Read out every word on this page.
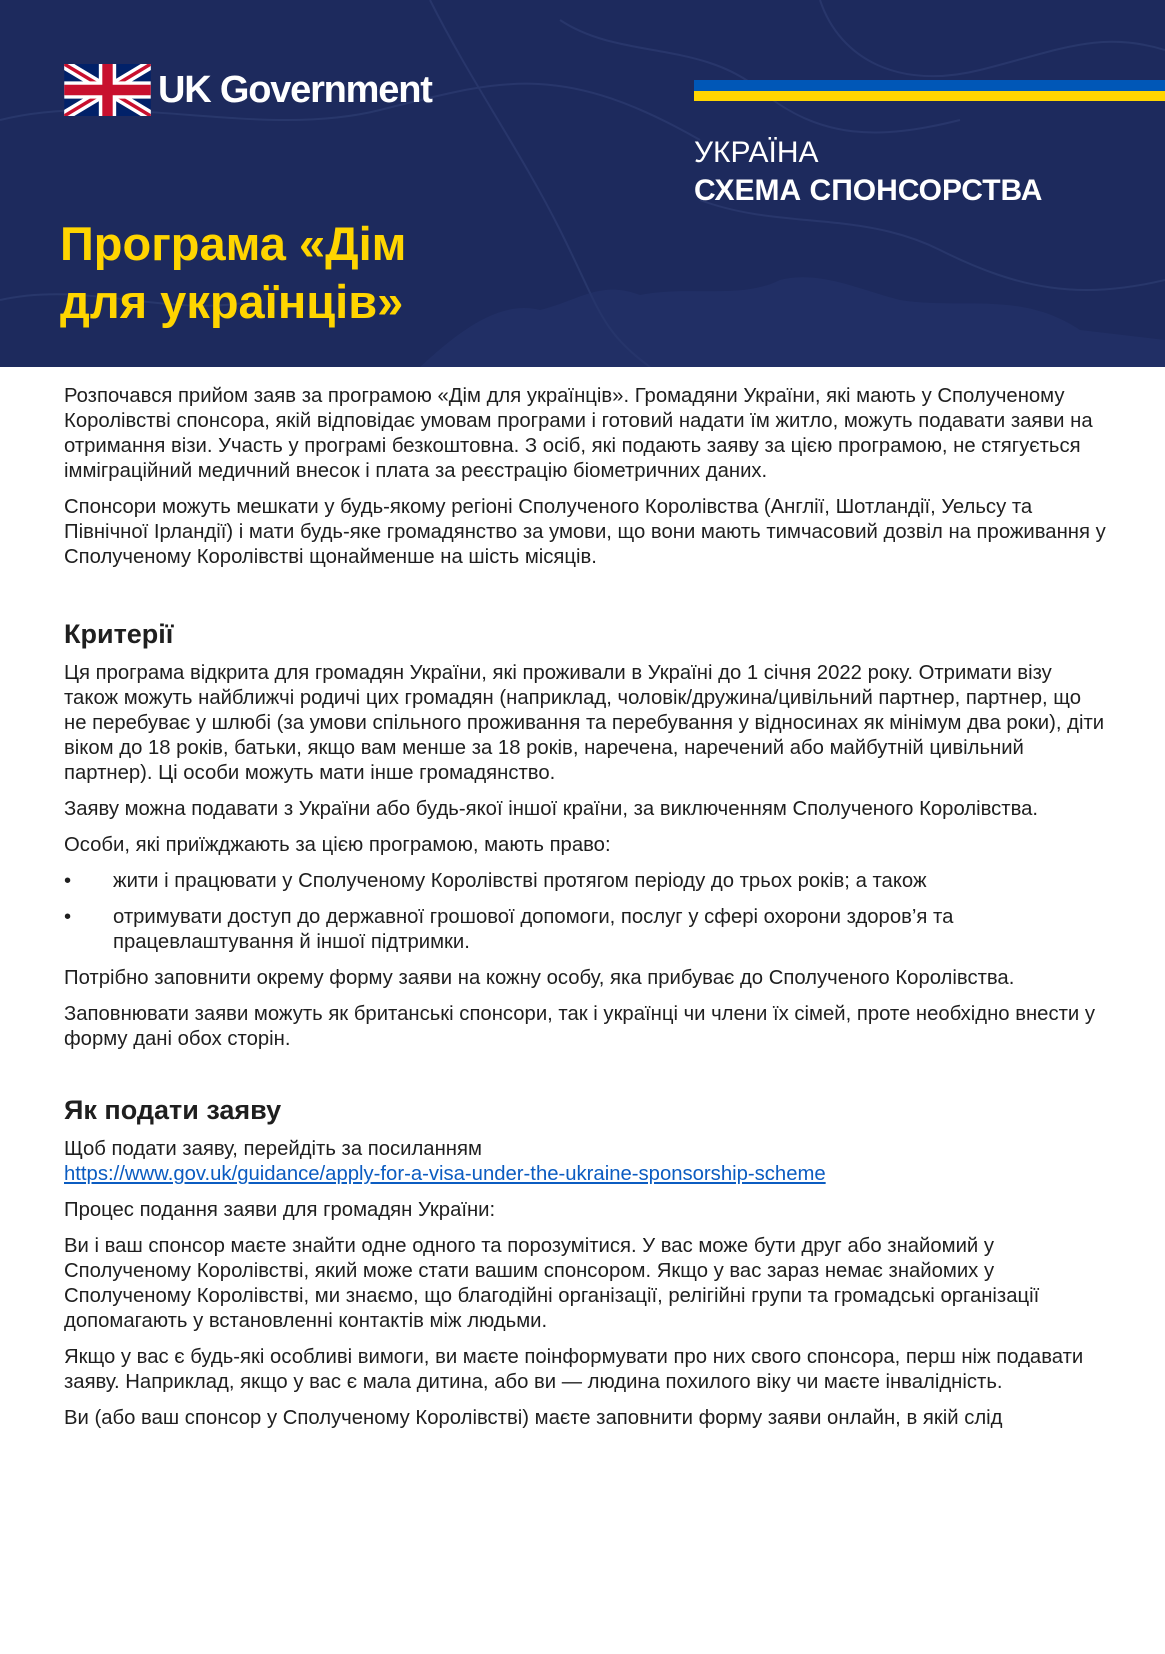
UK Government
УКРАЇНА
СХЕМА СПОНСОРСТВА
Програма «Дім для українців»

Розпочався прийом заяв за програмою «Дім для українців». Громадяни України, які мають у Сполученому Королівстві спонсора, якій відповідає умовам програми і готовий надати їм житло, можуть подавати заяви на отримання візи. Участь у програмі безкоштовна. З осіб, які подають заяву за цією програмою, не стягується іммiграційний медичний внесок і плата за реєстрацію біометричних даних.

Спонсори можуть мешкати у будь-якому регіоні Сполученого Королівства (Англії, Шотландії, Уельсу та Північної Ірландії) і мати будь-яке громадянство за умови, що вони мають тимчасовий дозвіл на проживання у Сполученому Королівстві щонайменше на шість місяців.

Критерії

Ця програма відкрита для громадян України, які проживали в Україні до 1 січня 2022 року. Отримати візу також можуть найближчі родичі цих громадян (наприклад, чоловік/дружина/цивільний партнер, партнер, що не перебуває у шлюбі (за умови спільного проживання та перебування у відносинах як мінімум два роки), діти віком до 18 років, батьки, якщо вам менше за 18 років, наречена, наречений або майбутній цивільний партнер). Ці особи можуть мати інше громадянство.

Заяву можна подавати з України або будь-якої іншої країни, за виключенням Сполученого Королівства.

Особи, які приїжджають за цією програмою, мають право:

• жити і працювати у Сполученому Королівстві протягом періоду до трьох років; а також
• отримувати доступ до державної грошової допомоги, послуг у сфері охорони здоров’я та працевлаштування й іншої підтримки.

Потрібно заповнити окрему форму заяви на кожну особу, яка прибуває до Сполученого Королівства.

Заповнювати заяви можуть як британські спонсори, так і українці чи члени їх сімей, проте необхідно внести у форму дані обох сторін.

Як подати заяву

Щоб подати заяву, перейдіть за посиланням
https://www.gov.uk/guidance/apply-for-a-visa-under-the-ukraine-sponsorship-scheme

Процес подання заяви для громадян України:

Ви і ваш спонсор маєте знайти одне одного та порозумітися. У вас може бути друг або знайомий у Сполученому Королівстві, який може стати вашим спонсором. Якщо у вас зараз немає знайомих у Сполученому Королівстві, ми знаємо, що благодійні організації, релігійні групи та громадські організації допомагають у встановленні контактів між людьми.

Якщо у вас є будь-які особливі вимоги, ви маєте поінформувати про них свого спонсора, перш ніж подавати заяву. Наприклад, якщо у вас є мала дитина, або ви — людина похилого віку чи маєте інвалідність.

Ви (або ваш спонсор у Сполученому Королівстві) маєте заповнити форму заяви онлайн, в якій слід
